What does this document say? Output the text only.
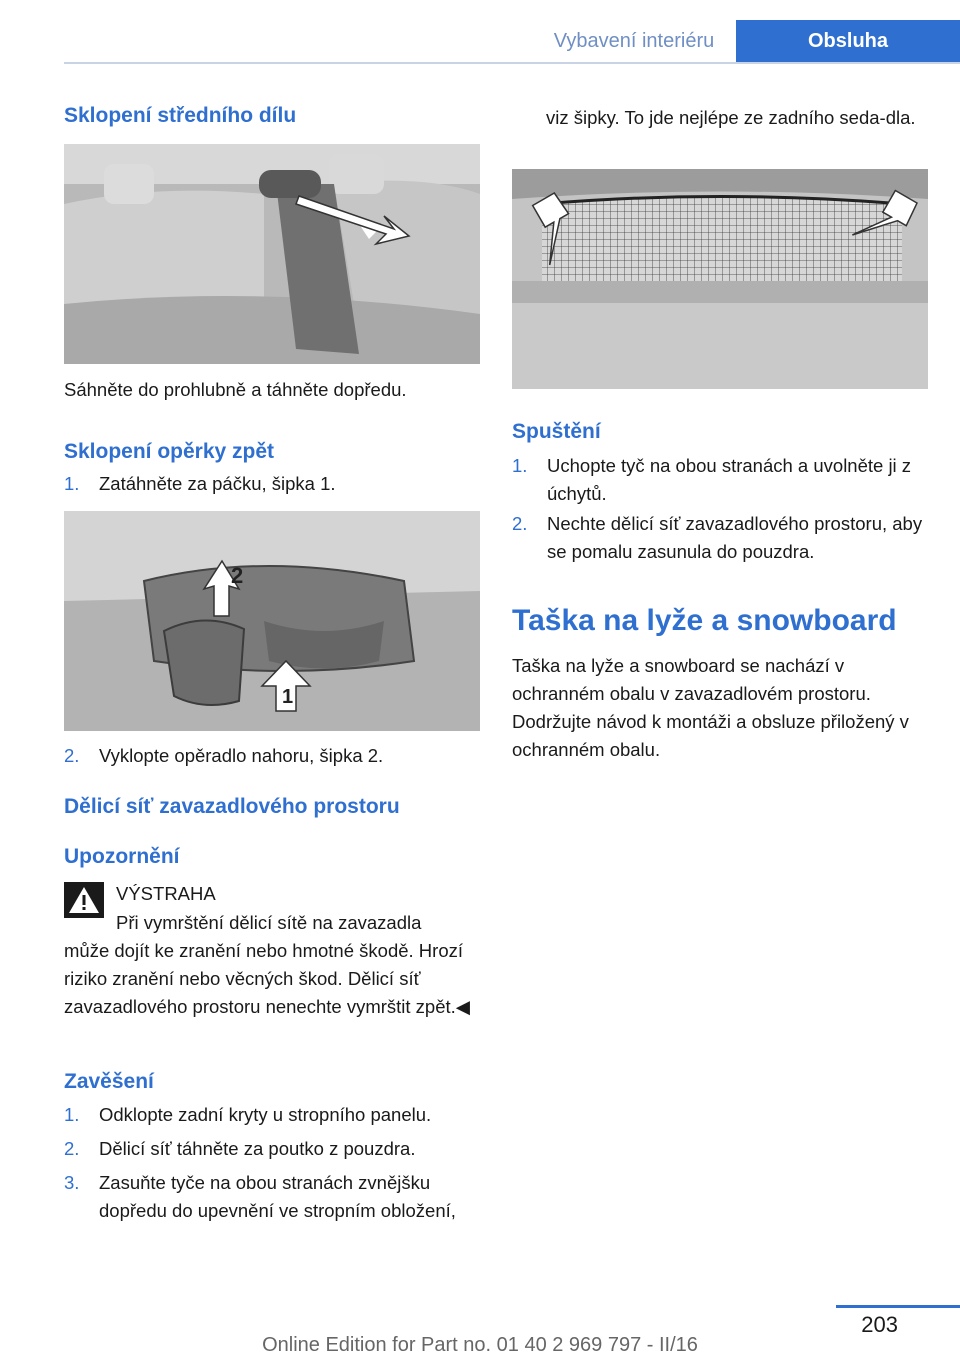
Vybavení interiéru	Obsluha
Sklopení středního dílu

Sáhněte do prohlubně a táhněte dopředu.

Sklopení opěrky zpět
1. Zatáhněte za páčku, šipka 1.
2
1
2. Vyklopte opěradlo nahoru, šipka 2.
Dělicí síť zavazadlového prostoru
Upozornění

VÝSTRAHA

Při vymrštění dělicí sítě na zavazadla

může dojít ke zranění nebo hmotné škodě. Hrozí riziko zranění nebo věcných škod. Dělicí síť zavazadlového prostoru nenechte vymrštit zpět.◀

Zavěšení
1. Odklopte zadní kryty u stropního panelu.
2. Dělicí síť táhněte za poutko z pouzdra.
3. Zasuňte tyče na obou stranách zvnějšku dopředu do upevnění ve stropním obložení,

viz šipky. To jde nejlépe ze zadního seda-dla.

Spuštění
1. Uchopte tyč na obou stranách a uvolněte ji z úchytů.
2. Nechte dělicí síť zavazadlového prostoru, aby se pomalu zasunula do pouzdra.
Taška na lyže a snowboard

Taška na lyže a snowboard se nachází v ochranném obalu v zavazadlovém prostoru.

Dodržujte návod k montáži a obsluze přiložený v ochranném obalu.

203
Online Edition for Part no. 01 40 2 969 797 - II/16
